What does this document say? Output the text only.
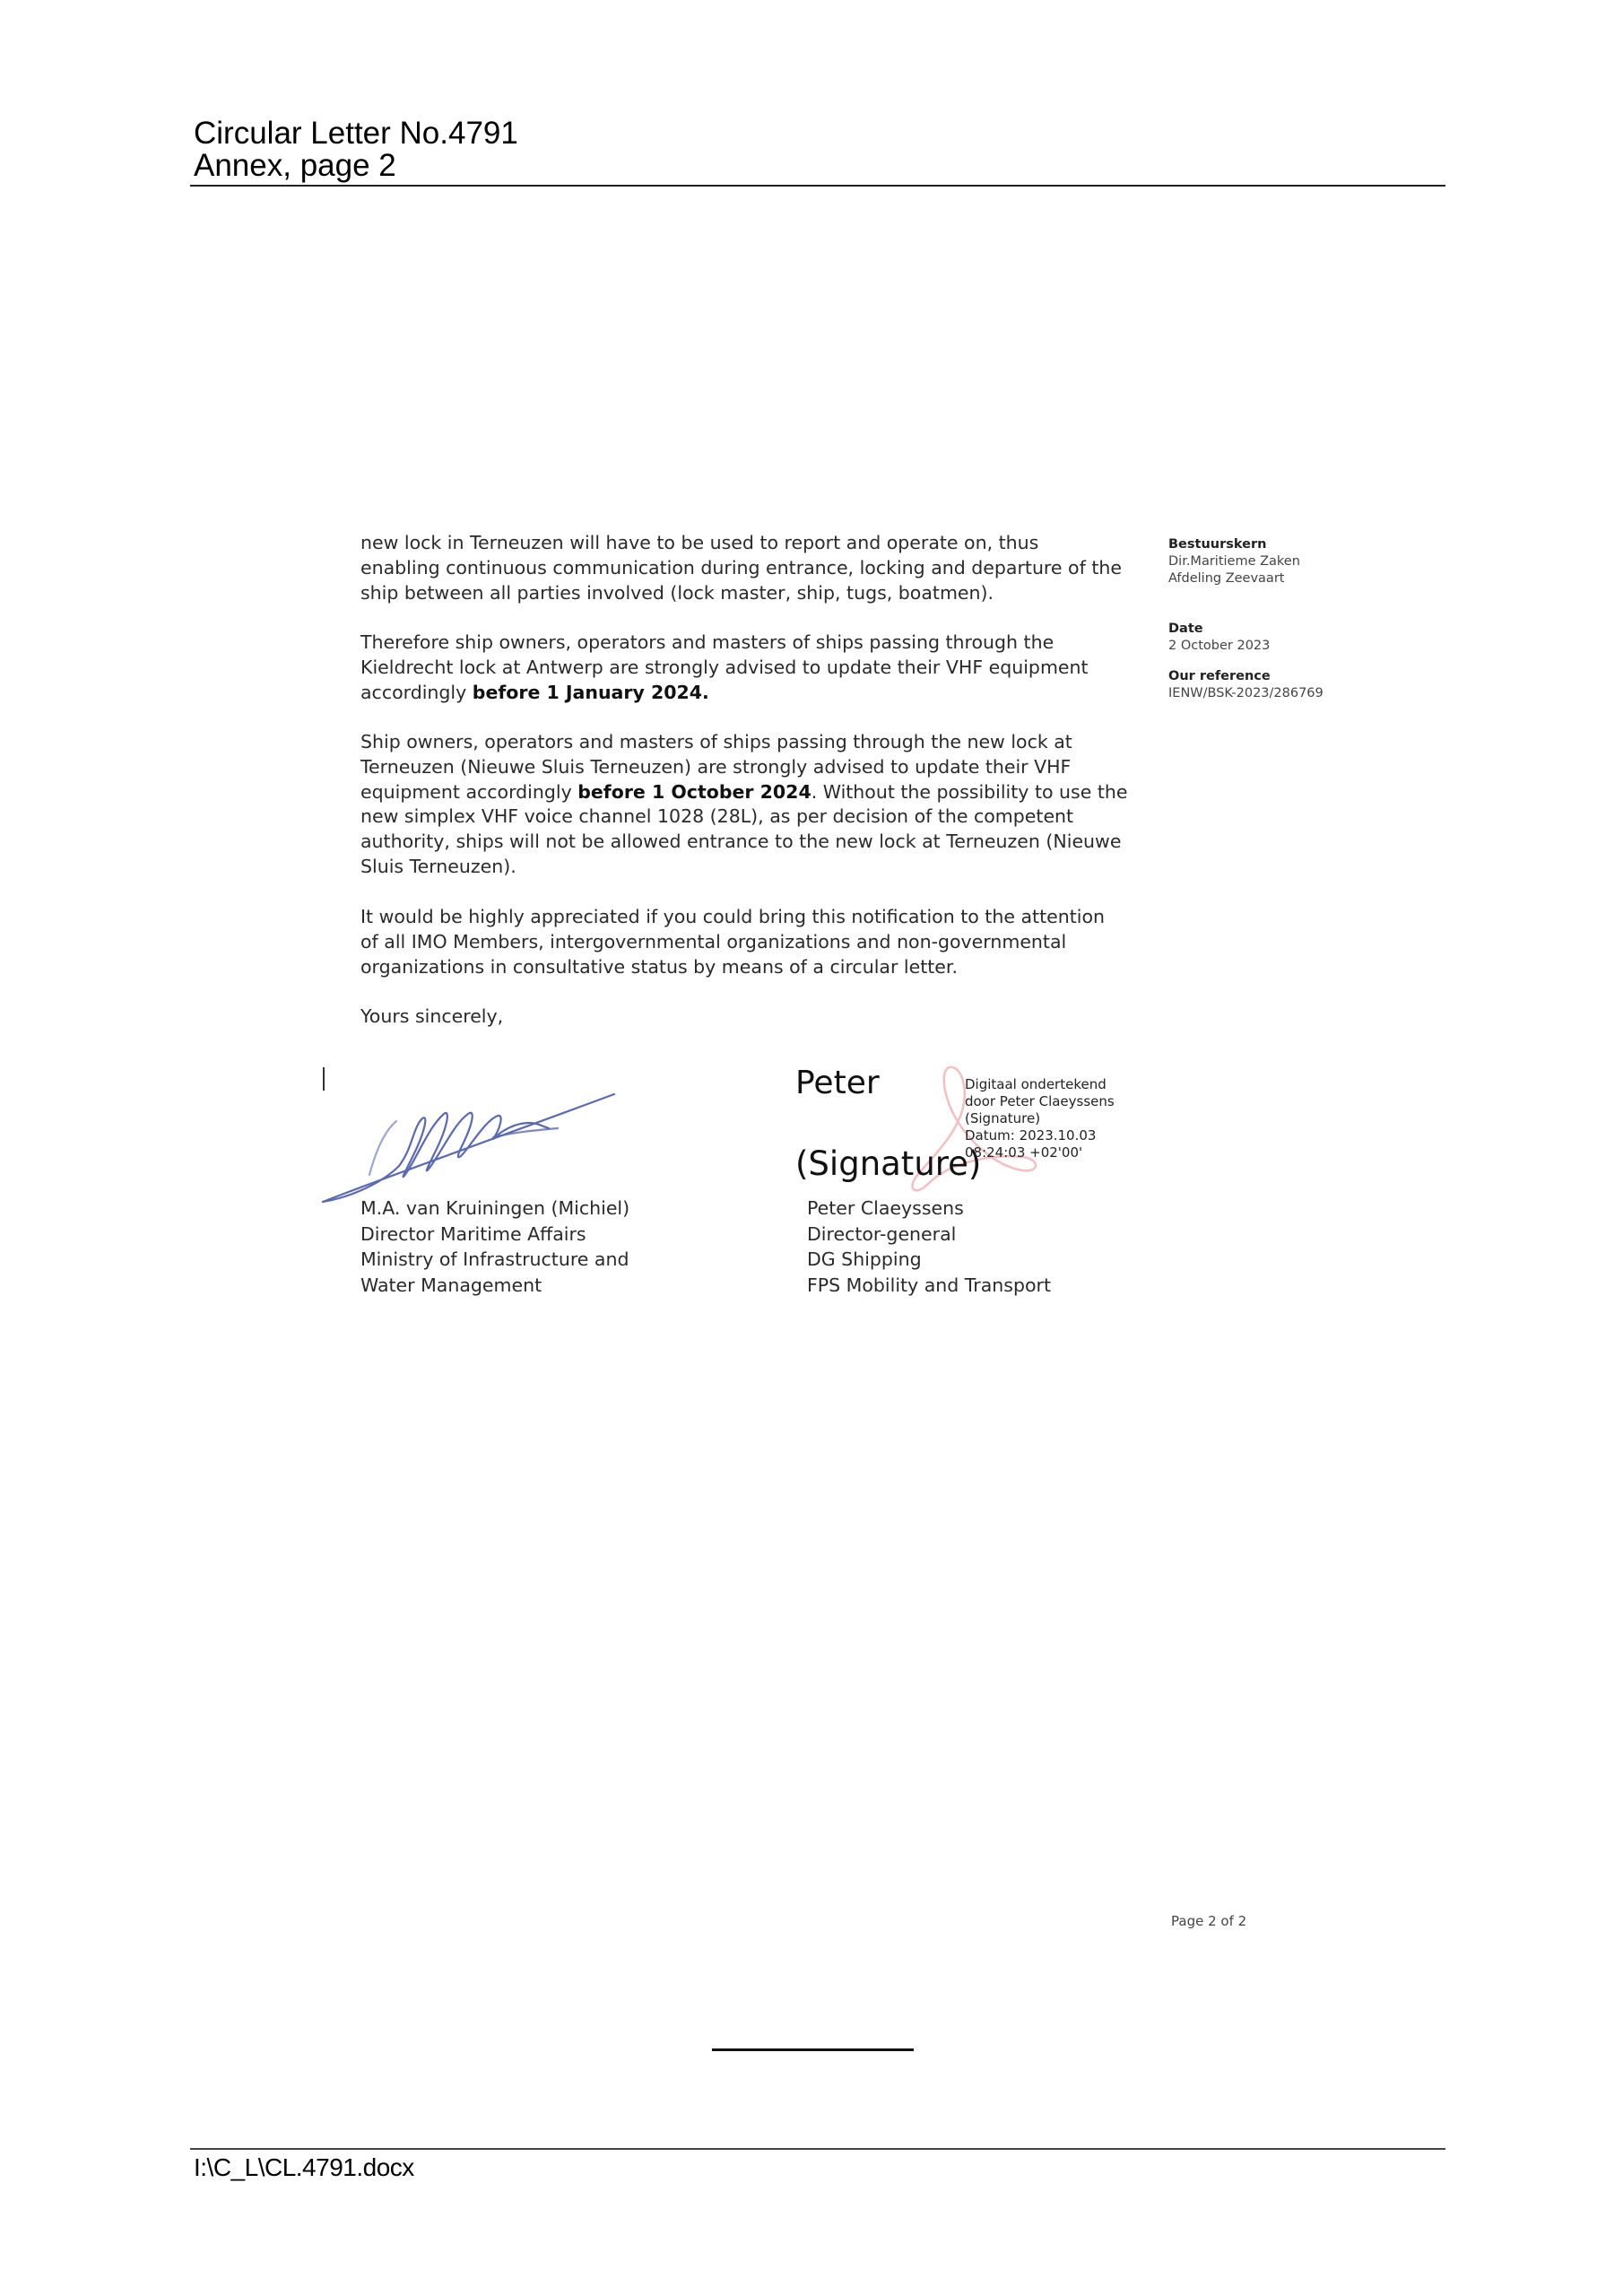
Circular Letter No.4791
Annex, page 2

new lock in Terneuzen will have to be used to report and operate on, thus

enabling continuous communication during entrance, locking and departure of the

ship between all parties involved (lock master, ship, tugs, boatmen).

Therefore ship owners, operators and masters of ships passing through the

Kieldrecht lock at Antwerp are strongly advised to update their VHF equipment

accordingly before 1 January 2024.

Ship owners, operators and masters of ships passing through the new lock at

Terneuzen (Nieuwe Sluis Terneuzen) are strongly advised to update their VHF

equipment accordingly before 1 October 2024. Without the possibility to use the

new simplex VHF voice channel 1028 (28L), as per decision of the competent

authority, ships will not be allowed entrance to the new lock at Terneuzen (Nieuwe

Sluis Terneuzen).

It would be highly appreciated if you could bring this notification to the attention

of all IMO Members, intergovernmental organizations and non-governmental

organizations in consultative status by means of a circular letter.

Yours sincerely,

Bestuurskern
Dir.Maritieme Zaken
Afdeling Zeevaart
Date
2 October 2023
Our reference
IENW/BSK-2023/286769
M.A. van Kruiningen (Michiel)
Director Maritime Affairs
Ministry of Infrastructure and
Water Management
Peter
(Signature)
Digitaal ondertekend
door Peter Claeyssens
(Signature)
Datum: 2023.10.03
08:24:03 +02'00'
Peter Claeyssens
Director-general
DG Shipping
FPS Mobility and Transport
Page 2 of 2
I:\C_L\CL.4791.docx
